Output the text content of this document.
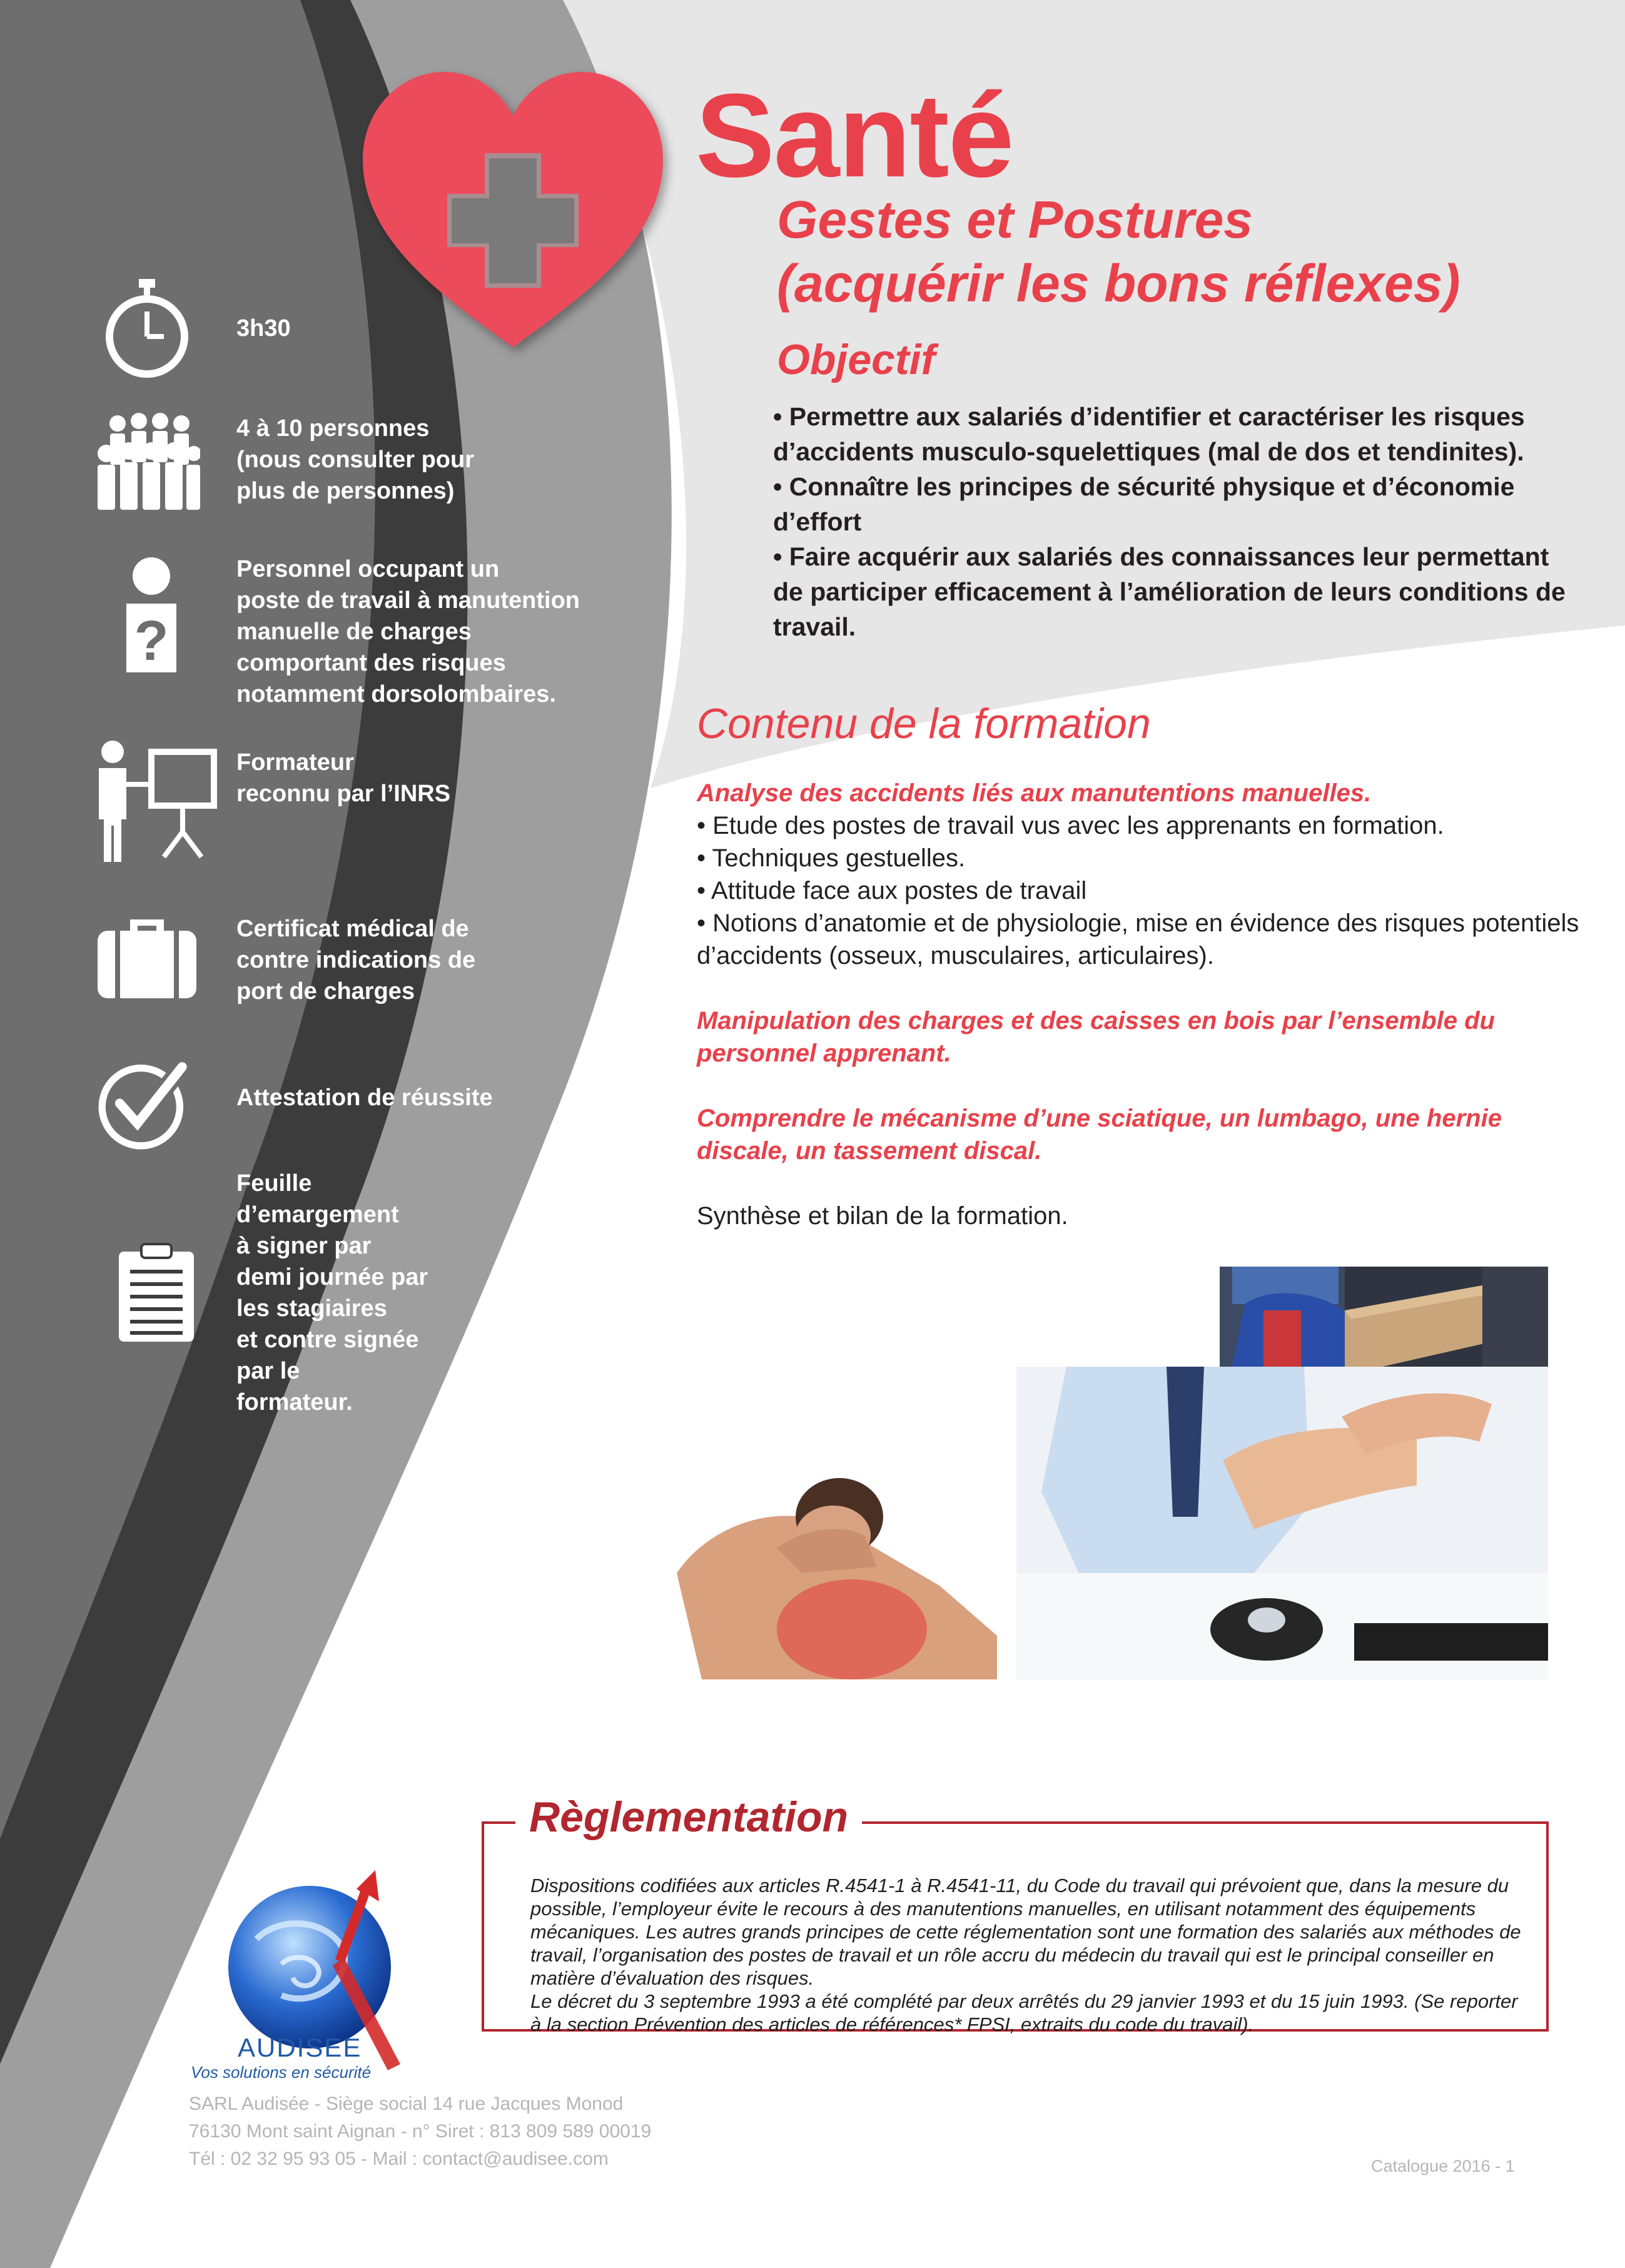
Santé
Gestes et Postures
(acquérir les bons réflexes)
Objectif
• Permettre aux salariés d’identifier et caractériser les risques d’accidents musculo-squelettiques (mal de dos et tendinites).
• Connaître les principes de sécurité physique et d’économie d’effort
• Faire acquérir aux salariés des connaissances leur permettant de participer efficacement à l’amélioration de leurs conditions de travail.
Contenu de la formation
Analyse des accidents liés aux manutentions manuelles.
• Etude des postes de travail vus avec les apprenants en formation.
• Techniques gestuelles.
• Attitude face aux postes de travail
• Notions d’anatomie et de physiologie, mise en évidence des risques potentiels d’accidents (osseux, musculaires, articulaires).
Manipulation des charges et des caisses en bois par l’ensemble du personnel apprenant.
Comprendre le mécanisme d’une sciatique, un lumbago, une hernie discale, un tassement discal.
Synthèse et bilan de la formation.
3h30
4 à 10 personnes
(nous consulter pour
plus de personnes)
?
Personnel occupant un
poste de travail à manutention
manuelle de charges
comportant des risques
notamment dorsolombaires.
Formateur
reconnu par l’INRS
Certificat médical de
contre indications de
port de charges
Attestation de réussite
Feuille
d’emargement
à signer par
demi journée par
les stagiaires
et contre signée
par le
formateur.
Règlementation
Dispositions codifiées aux articles R.4541-1 à R.4541-11, du Code du travail qui prévoient que, dans la mesure du possible, l’employeur évite le recours à des manutentions manuelles, en utilisant notamment des équipements mécaniques. Les autres grands principes de cette réglementation sont une formation des salariés aux méthodes de travail, l’organisation des postes de travail et un rôle accru du médecin du travail qui est le principal conseiller en matière d’évaluation des risques.
Le décret du 3 septembre 1993 a été complété par deux arrêtés du 29 janvier 1993 et du 15 juin 1993. (Se reporter à la section Prévention des articles de références* FPSI, extraits du code du travail).
AUDISEE
Vos solutions en sécurité
SARL Audisée - Siège social 14 rue Jacques Monod
76130 Mont saint Aignan - n° Siret : 813 809 589 00019
Tél : 02 32 95 93 05 - Mail : contact@audisee.com	Catalogue 2016 - 1
